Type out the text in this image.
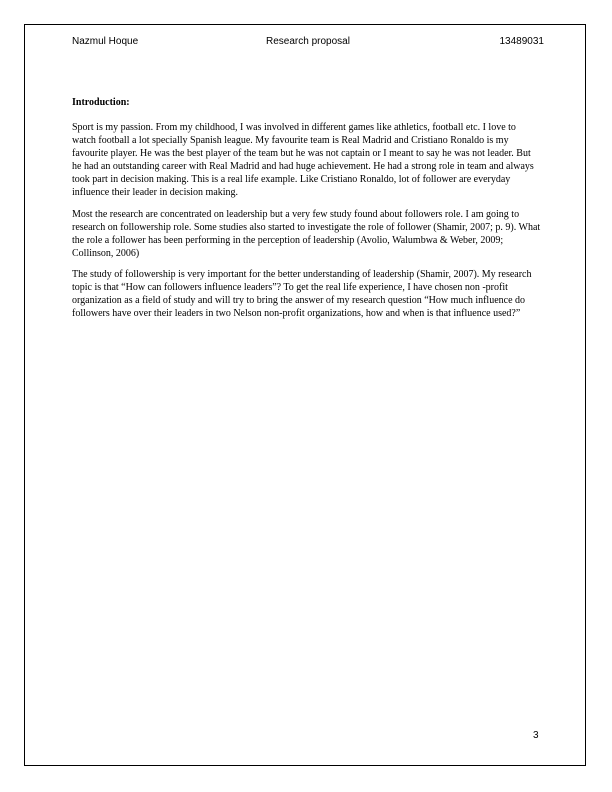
Nazmul Hoque	Research proposal	13489031
Introduction:

Sport is my passion. From my childhood, I was involved in different games like athletics, football etc. I love to watch football a lot specially Spanish league. My favourite team is Real Madrid and Cristiano Ronaldo is my favourite player. He was the best player of the team but he was not captain or I meant to say he was not leader. But he had an outstanding career with Real Madrid and had huge achievement. He had a strong role in team and always took part in decision making. This is a real life example. Like Cristiano Ronaldo, lot of follower are everyday influence their leader in decision making.

Most the research are concentrated on leadership but a very few study found about followers role. I am going to research on followership role. Some studies also started to investigate the role of follower (Shamir, 2007; p. 9). What the role a follower has been performing in the perception of leadership (Avolio, Walumbwa & Weber, 2009; Collinson, 2006)

The study of followership is very important for the better understanding of leadership (Shamir, 2007). My research topic is that “How can followers influence leaders”? To get the real life experience, I have chosen non -profit organization as a field of study and will try to bring the answer of my research question “How much influence do followers have over their leaders in two Nelson non-profit organizations, how and when is that influence used?”

3
